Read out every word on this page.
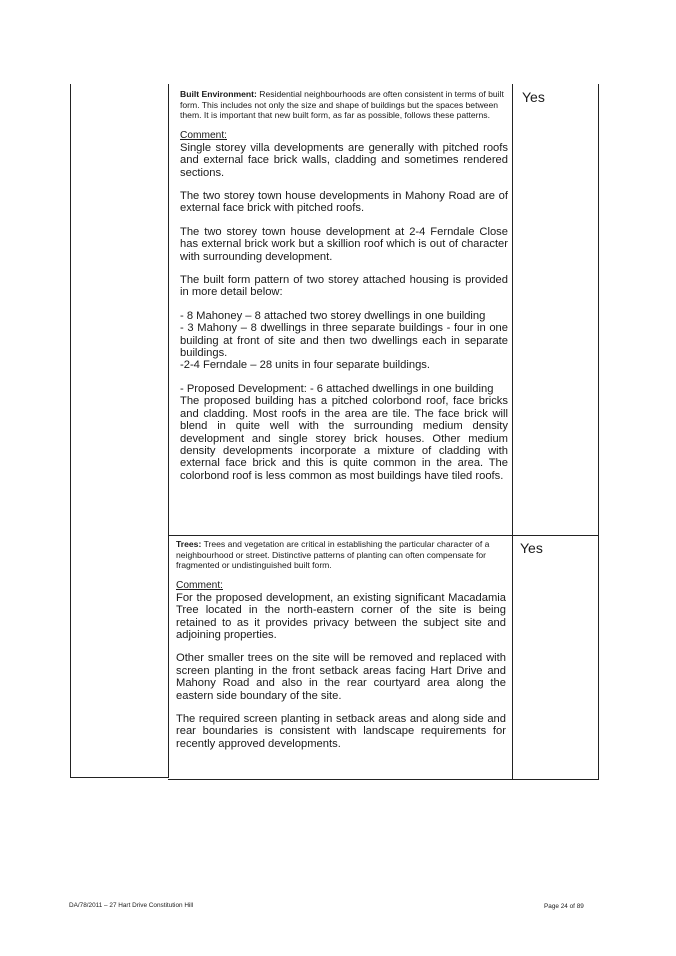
Built Environment: Residential neighbourhoods are often consistent in terms of built form. This includes not only the size and shape of buildings but the spaces between them. It is important that new built form, as far as possible, follows these patterns.

Comment:

Single storey villa developments are generally with pitched roofs and external face brick walls, cladding and sometimes rendered sections.

The two storey town house developments in Mahony Road are of external face brick with pitched roofs.

The two storey town house development at 2-4 Ferndale Close has external brick work but a skillion roof which is out of character with surrounding development.

The built form pattern of two storey attached housing is provided in more detail below:

- 8 Mahoney – 8 attached two storey dwellings in one building

- 3 Mahony – 8 dwellings in three separate buildings - four in one building at front of site and then two dwellings each in separate buildings.

-2-4 Ferndale – 28 units in four separate buildings.

- Proposed Development: - 6 attached dwellings in one building

The proposed building has a pitched colorbond roof, face bricks and cladding. Most roofs in the area are tile. The face brick will blend in quite well with the surrounding medium density development and single storey brick houses. Other medium density developments incorporate a mixture of cladding with external face brick and this is quite common in the area. The colorbond roof is less common as most buildings have tiled roofs.

Yes

Trees: Trees and vegetation are critical in establishing the particular character of a neighbourhood or street. Distinctive patterns of planting can often compensate for fragmented or undistinguished built form.

Comment:

For the proposed development, an existing significant Macadamia Tree located in the north-eastern corner of the site is being retained to as it provides privacy between the subject site and adjoining properties.

Other smaller trees on the site will be removed and replaced with screen planting in the front setback areas facing Hart Drive and Mahony Road and also in the rear courtyard area along the eastern side boundary of the site.

The required screen planting in setback areas and along side and rear boundaries is consistent with landscape requirements for recently approved developments.

Yes
DA/78/2011 – 27 Hart Drive Constitution Hill	Page 24 of 89
